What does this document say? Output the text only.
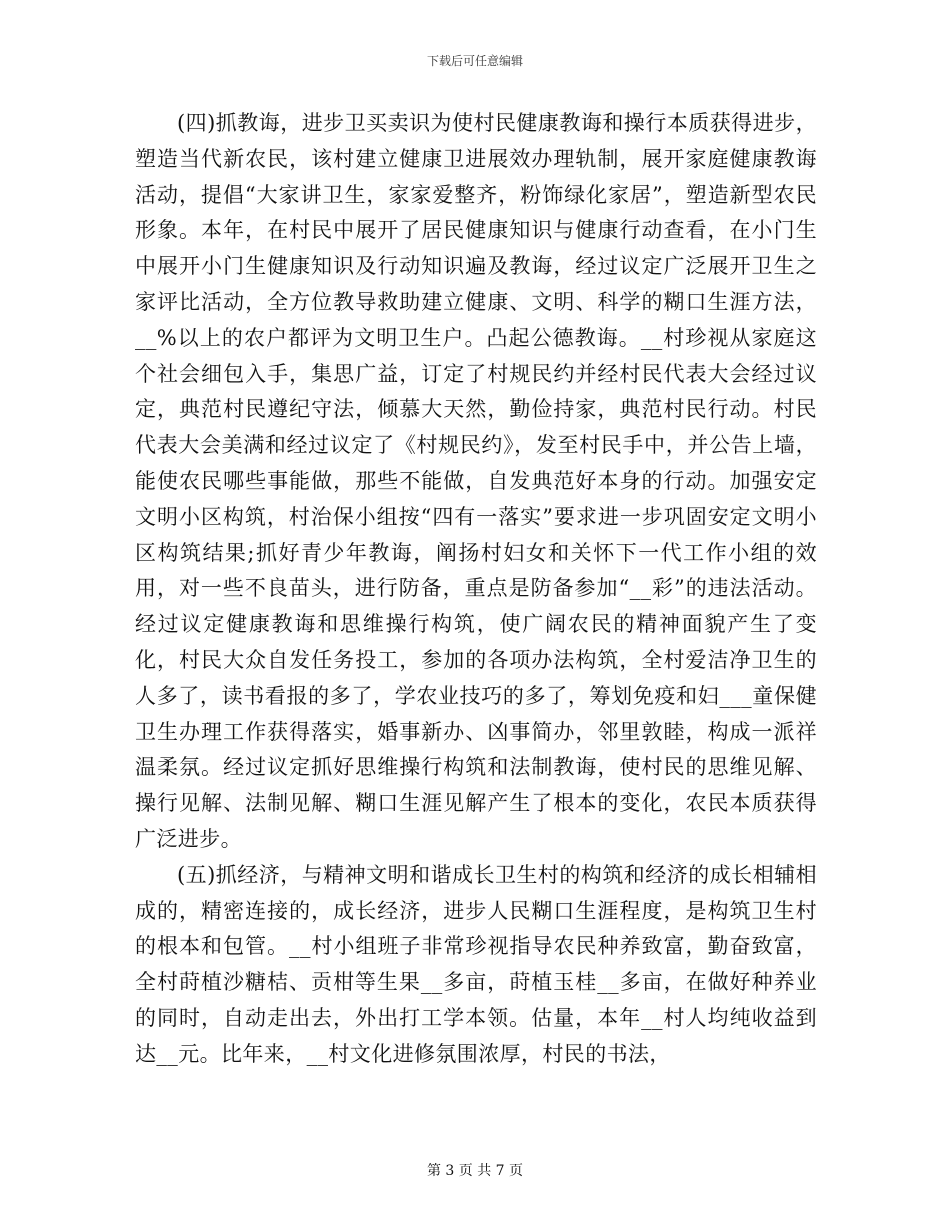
下载后可任意编辑

(四)抓教诲，进步卫买卖识为使村民健康教诲和操行本质获得进步，塑造当代新农民，该村建立健康卫进展效办理轨制，展开家庭健康教诲活动，提倡“大家讲卫生，家家爱整齐，粉饰绿化家居”，塑造新型农民形象。本年，在村民中展开了居民健康知识与健康行动查看，在小门生中展开小门生健康知识及行动知识遍及教诲，经过议定广泛展开卫生之家评比活动，全方位教导救助建立健康、文明、科学的糊口生涯方法，__%以上的农户都评为文明卫生户。凸起公德教诲。__村珍视从家庭这个社会细包入手，集思广益，订定了村规民约并经村民代表大会经过议定，典范村民遵纪守法，倾慕大天然，勤俭持家，典范村民行动。村民代表大会美满和经过议定了《村规民约》，发至村民手中，并公告上墙，能使农民哪些事能做，那些不能做，自发典范好本身的行动。加强安定文明小区构筑，村治保小组按“四有一落实”要求进一步巩固安定文明小区构筑结果;抓好青少年教诲，阐扬村妇女和关怀下一代工作小组的效用，对一些不良苗头，进行防备，重点是防备参加“__彩”的违法活动。经过议定健康教诲和思维操行构筑，使广阔农民的精神面貌产生了变化，村民大众自发任务投工，参加的各项办法构筑，全村爱洁净卫生的人多了，读书看报的多了，学农业技巧的多了，筹划免疫和妇___童保健卫生办理工作获得落实，婚事新办、凶事简办，邻里敦睦，构成一派祥温柔氛。经过议定抓好思维操行构筑和法制教诲，使村民的思维见解、操行见解、法制见解、糊口生涯见解产生了根本的变化，农民本质获得广泛进步。

(五)抓经济，与精神文明和谐成长卫生村的构筑和经济的成长相辅相成的，精密连接的，成长经济，进步人民糊口生涯程度，是构筑卫生村的根本和包管。__村小组班子非常珍视指导农民种养致富，勤奋致富，全村莳植沙糖桔、贡柑等生果__多亩，莳植玉桂__多亩，在做好种养业的同时，自动走出去，外出打工学本领。估量，本年__村人均纯收益到达__元。比年来，__村文化进修氛围浓厚，村民的书法，

第 3 页 共 7 页
